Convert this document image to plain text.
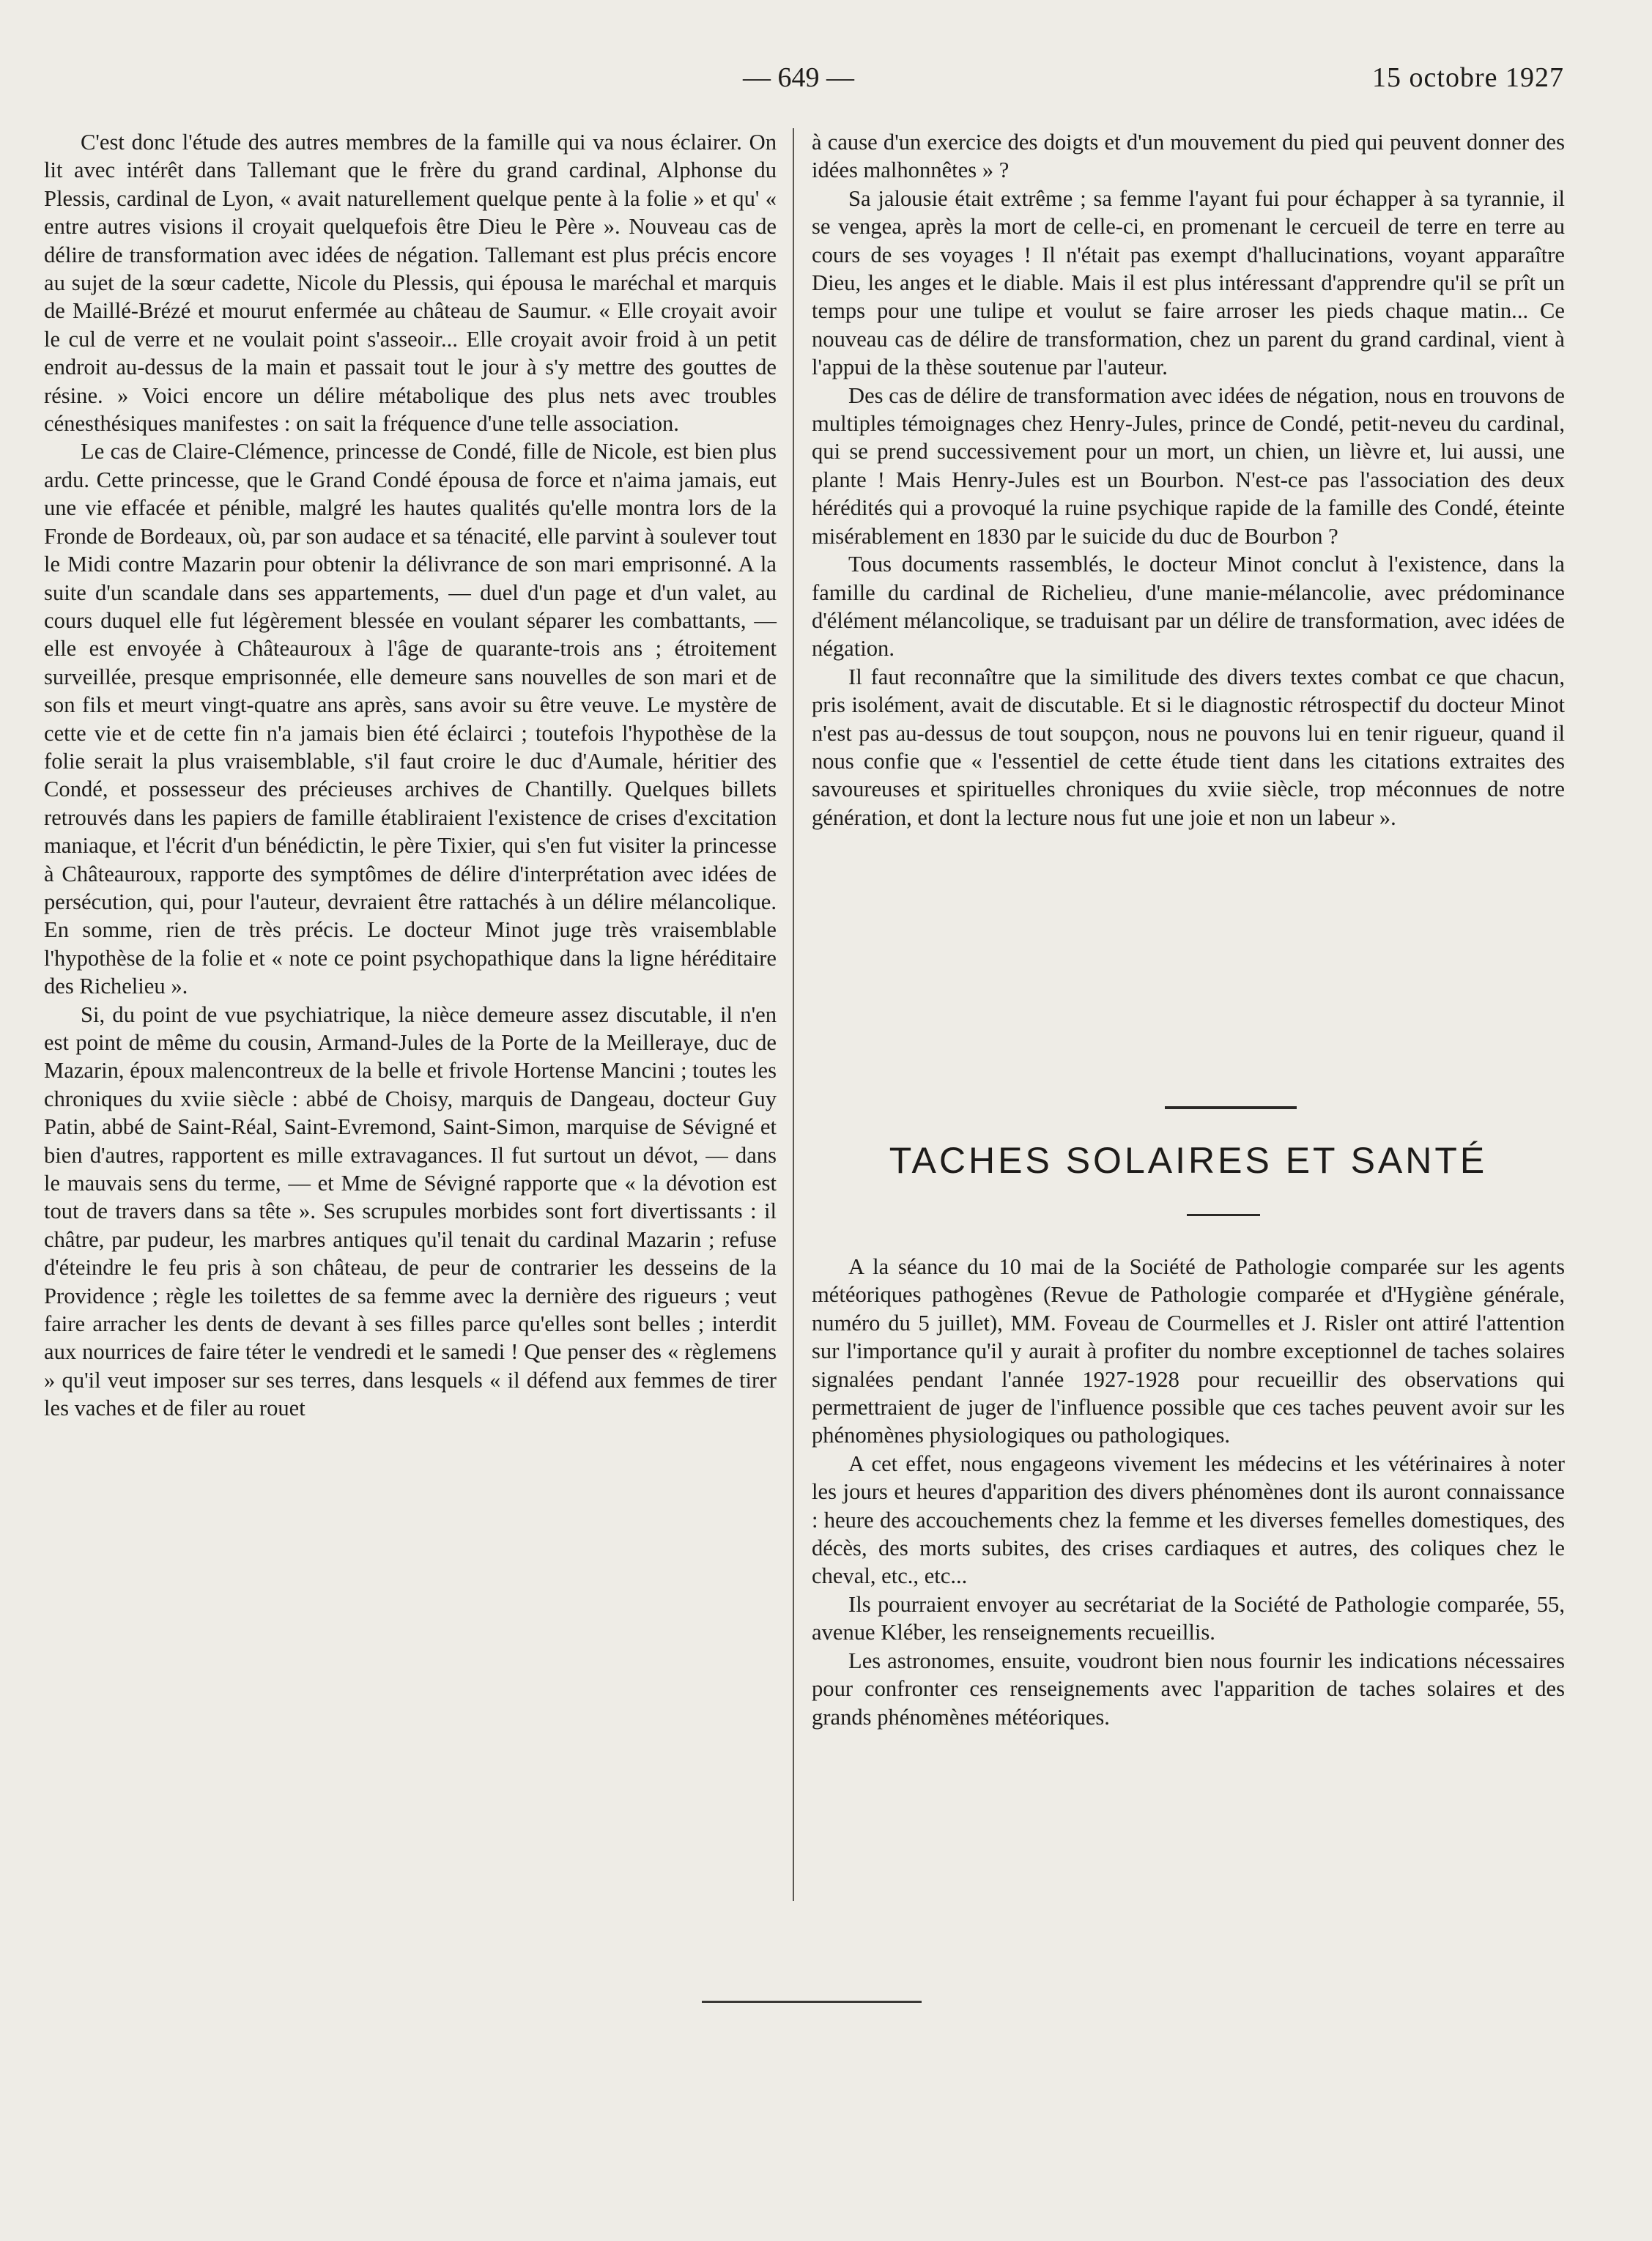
— 649 —	15 octobre 1927

C'est donc l'étude des autres membres de la famille qui va nous éclairer. On lit avec intérêt dans Tallemant que le frère du grand cardinal, Alphonse du Plessis, cardinal de Lyon, « avait naturellement quelque pente à la folie » et qu' « entre autres visions il croyait quelquefois être Dieu le Père ». Nouveau cas de délire de transformation avec idées de négation. Tallemant est plus précis encore au sujet de la sœur cadette, Nicole du Plessis, qui épousa le maréchal et marquis de Maillé-Brézé et mourut enfermée au château de Saumur. « Elle croyait avoir le cul de verre et ne voulait point s'asseoir... Elle croyait avoir froid à un petit endroit au-dessus de la main et passait tout le jour à s'y mettre des gouttes de résine. » Voici encore un délire métabolique des plus nets avec troubles cénesthésiques manifestes : on sait la fréquence d'une telle association.

Le cas de Claire-Clémence, princesse de Condé, fille de Nicole, est bien plus ardu. Cette princesse, que le Grand Condé épousa de force et n'aima jamais, eut une vie effacée et pénible, malgré les hautes qualités qu'elle montra lors de la Fronde de Bordeaux, où, par son audace et sa ténacité, elle parvint à soulever tout le Midi contre Mazarin pour obtenir la délivrance de son mari emprisonné. A la suite d'un scandale dans ses appartements, — duel d'un page et d'un valet, au cours duquel elle fut légèrement blessée en voulant séparer les combattants, — elle est envoyée à Châteauroux à l'âge de quarante-trois ans ; étroitement surveillée, presque emprisonnée, elle demeure sans nouvelles de son mari et de son fils et meurt vingt-quatre ans après, sans avoir su être veuve. Le mystère de cette vie et de cette fin n'a jamais bien été éclairci ; toutefois l'hypothèse de la folie serait la plus vraisemblable, s'il faut croire le duc d'Aumale, héritier des Condé, et possesseur des précieuses archives de Chantilly. Quelques billets retrouvés dans les papiers de famille établiraient l'existence de crises d'excitation maniaque, et l'écrit d'un bénédictin, le père Tixier, qui s'en fut visiter la princesse à Châteauroux, rapporte des symptômes de délire d'interprétation avec idées de persécution, qui, pour l'auteur, devraient être rattachés à un délire mélancolique. En somme, rien de très précis. Le docteur Minot juge très vraisemblable l'hypothèse de la folie et « note ce point psychopathique dans la ligne héréditaire des Richelieu ».

Si, du point de vue psychiatrique, la nièce demeure assez discutable, il n'en est point de même du cousin, Armand-Jules de la Porte de la Meilleraye, duc de Mazarin, époux malencontreux de la belle et frivole Hortense Mancini ; toutes les chroniques du xviie siècle : abbé de Choisy, marquis de Dangeau, docteur Guy Patin, abbé de Saint-Réal, Saint-Evremond, Saint-Simon, marquise de Sévigné et bien d'autres, rapportent es mille extravagances. Il fut surtout un dévot, — dans le mauvais sens du terme, — et Mme de Sévigné rapporte que « la dévotion est tout de travers dans sa tête ». Ses scrupules morbides sont fort divertissants : il châtre, par pudeur, les marbres antiques qu'il tenait du cardinal Mazarin ; refuse d'éteindre le feu pris à son château, de peur de contrarier les desseins de la Providence ; règle les toilettes de sa femme avec la dernière des rigueurs ; veut faire arracher les dents de devant à ses filles parce qu'elles sont belles ; interdit aux nourrices de faire téter le vendredi et le samedi ! Que penser des « règlemens » qu'il veut imposer sur ses terres, dans lesquels « il défend aux femmes de tirer les vaches et de filer au rouet

à cause d'un exercice des doigts et d'un mouvement du pied qui peuvent donner des idées malhonnêtes » ?

Sa jalousie était extrême ; sa femme l'ayant fui pour échapper à sa tyrannie, il se vengea, après la mort de celle-ci, en promenant le cercueil de terre en terre au cours de ses voyages ! Il n'était pas exempt d'hallucinations, voyant apparaître Dieu, les anges et le diable. Mais il est plus intéressant d'apprendre qu'il se prît un temps pour une tulipe et voulut se faire arroser les pieds chaque matin... Ce nouveau cas de délire de transformation, chez un parent du grand cardinal, vient à l'appui de la thèse soutenue par l'auteur.

Des cas de délire de transformation avec idées de négation, nous en trouvons de multiples témoignages chez Henry-Jules, prince de Condé, petit-neveu du cardinal, qui se prend successivement pour un mort, un chien, un lièvre et, lui aussi, une plante ! Mais Henry-Jules est un Bourbon. N'est-ce pas l'association des deux hérédités qui a provoqué la ruine psychique rapide de la famille des Condé, éteinte misérablement en 1830 par le suicide du duc de Bourbon ?

Tous documents rassemblés, le docteur Minot conclut à l'existence, dans la famille du cardinal de Richelieu, d'une manie-mélancolie, avec prédominance d'élément mélancolique, se traduisant par un délire de transformation, avec idées de négation.

Il faut reconnaître que la similitude des divers textes combat ce que chacun, pris isolément, avait de discutable. Et si le diagnostic rétrospectif du docteur Minot n'est pas au-dessus de tout soupçon, nous ne pouvons lui en tenir rigueur, quand il nous confie que « l'essentiel de cette étude tient dans les citations extraites des savoureuses et spirituelles chroniques du xviie siècle, trop méconnues de notre génération, et dont la lecture nous fut une joie et non un labeur ».

TACHES SOLAIRES ET SANTÉ

A la séance du 10 mai de la Société de Pathologie comparée sur les agents météoriques pathogènes (Revue de Pathologie comparée et d'Hygiène générale, numéro du 5 juillet), MM. Foveau de Courmelles et J. Risler ont attiré l'attention sur l'importance qu'il y aurait à profiter du nombre exceptionnel de taches solaires signalées pendant l'année 1927-1928 pour recueillir des observations qui permettraient de juger de l'influence possible que ces taches peuvent avoir sur les phénomènes physiologiques ou pathologiques.

A cet effet, nous engageons vivement les médecins et les vétérinaires à noter les jours et heures d'apparition des divers phénomènes dont ils auront connaissance : heure des accouchements chez la femme et les diverses femelles domestiques, des décès, des morts subites, des crises cardiaques et autres, des coliques chez le cheval, etc., etc...

Ils pourraient envoyer au secrétariat de la Société de Pathologie comparée, 55, avenue Kléber, les renseignements recueillis.

Les astronomes, ensuite, voudront bien nous fournir les indications nécessaires pour confronter ces renseignements avec l'apparition de taches solaires et des grands phénomènes météoriques.
